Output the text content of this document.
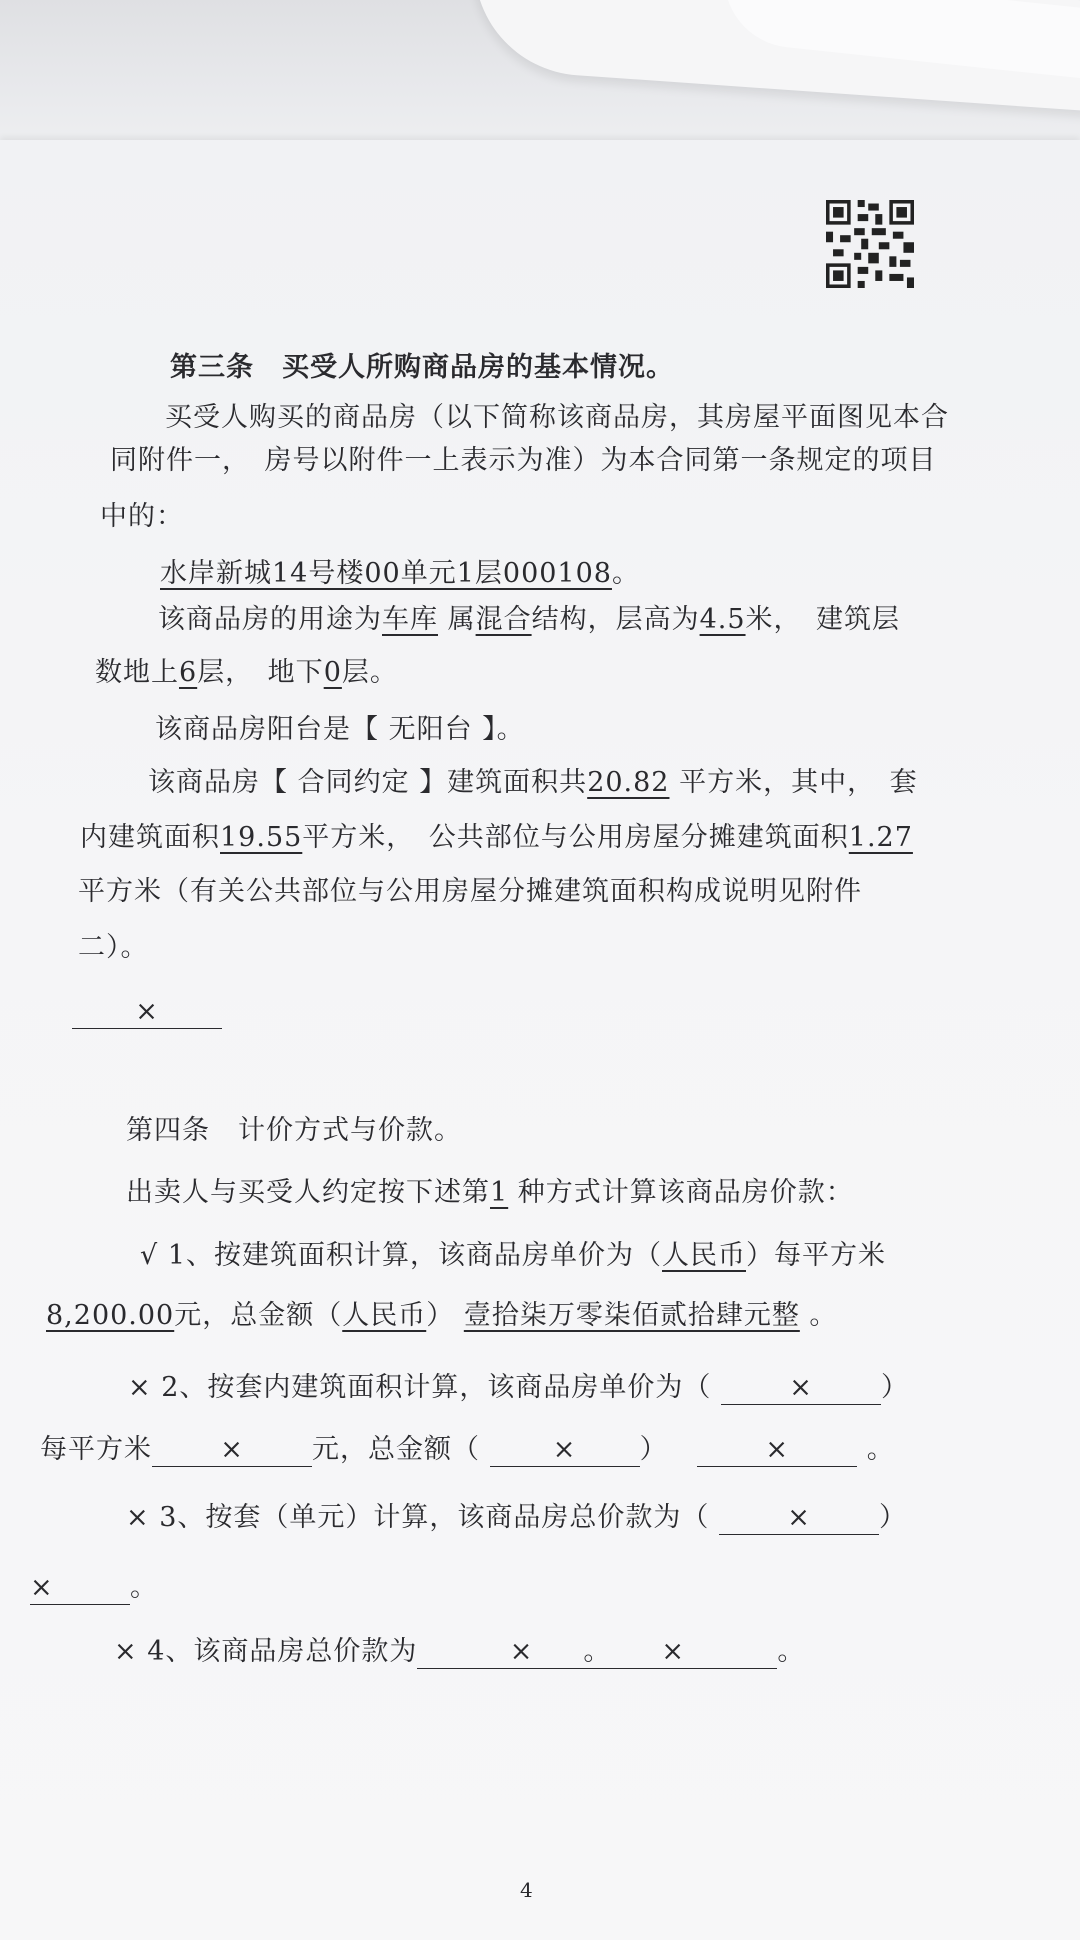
第三条　买受人所购商品房的基本情况。
买受人购买的商品房（以下简称该商品房，其房屋平面图见本合
同附件一，　房号以附件一上表示为准）为本合同第一条规定的项目
中的：
水岸新城14号楼00单元1层000108。
该商品房的用途为车库 属混合结构，层高为4.5米，　建筑层
数地上6层，　地下0层。
该商品房阳台是【 无阳台 】。
该商品房【 合同约定 】建筑面积共20.82 平方米，其中，　套
内建筑面积19.55平方米，　公共部位与公用房屋分摊建筑面积1.27
平方米（有关公共部位与公用房屋分摊建筑面积构成说明见附件
二）。
×
第四条　计价方式与价款。
出卖人与买受人约定按下述第1 种方式计算该商品房价款：
√ 1、按建筑面积计算，该商品房单价为（人民币）每平方米
8,200.00元，总金额（人民币） 壹拾柒万零柒佰贰拾肆元整 。
× 2、按套内建筑面积计算，该商品房单价为（	×	）
每平方米	×	元，总金额（	× ）	×	。
× 3、按套（单元）计算，该商品房总价款为（	×	）
×	。
× 4、该商品房总价款为	× 。 ×	。
4
